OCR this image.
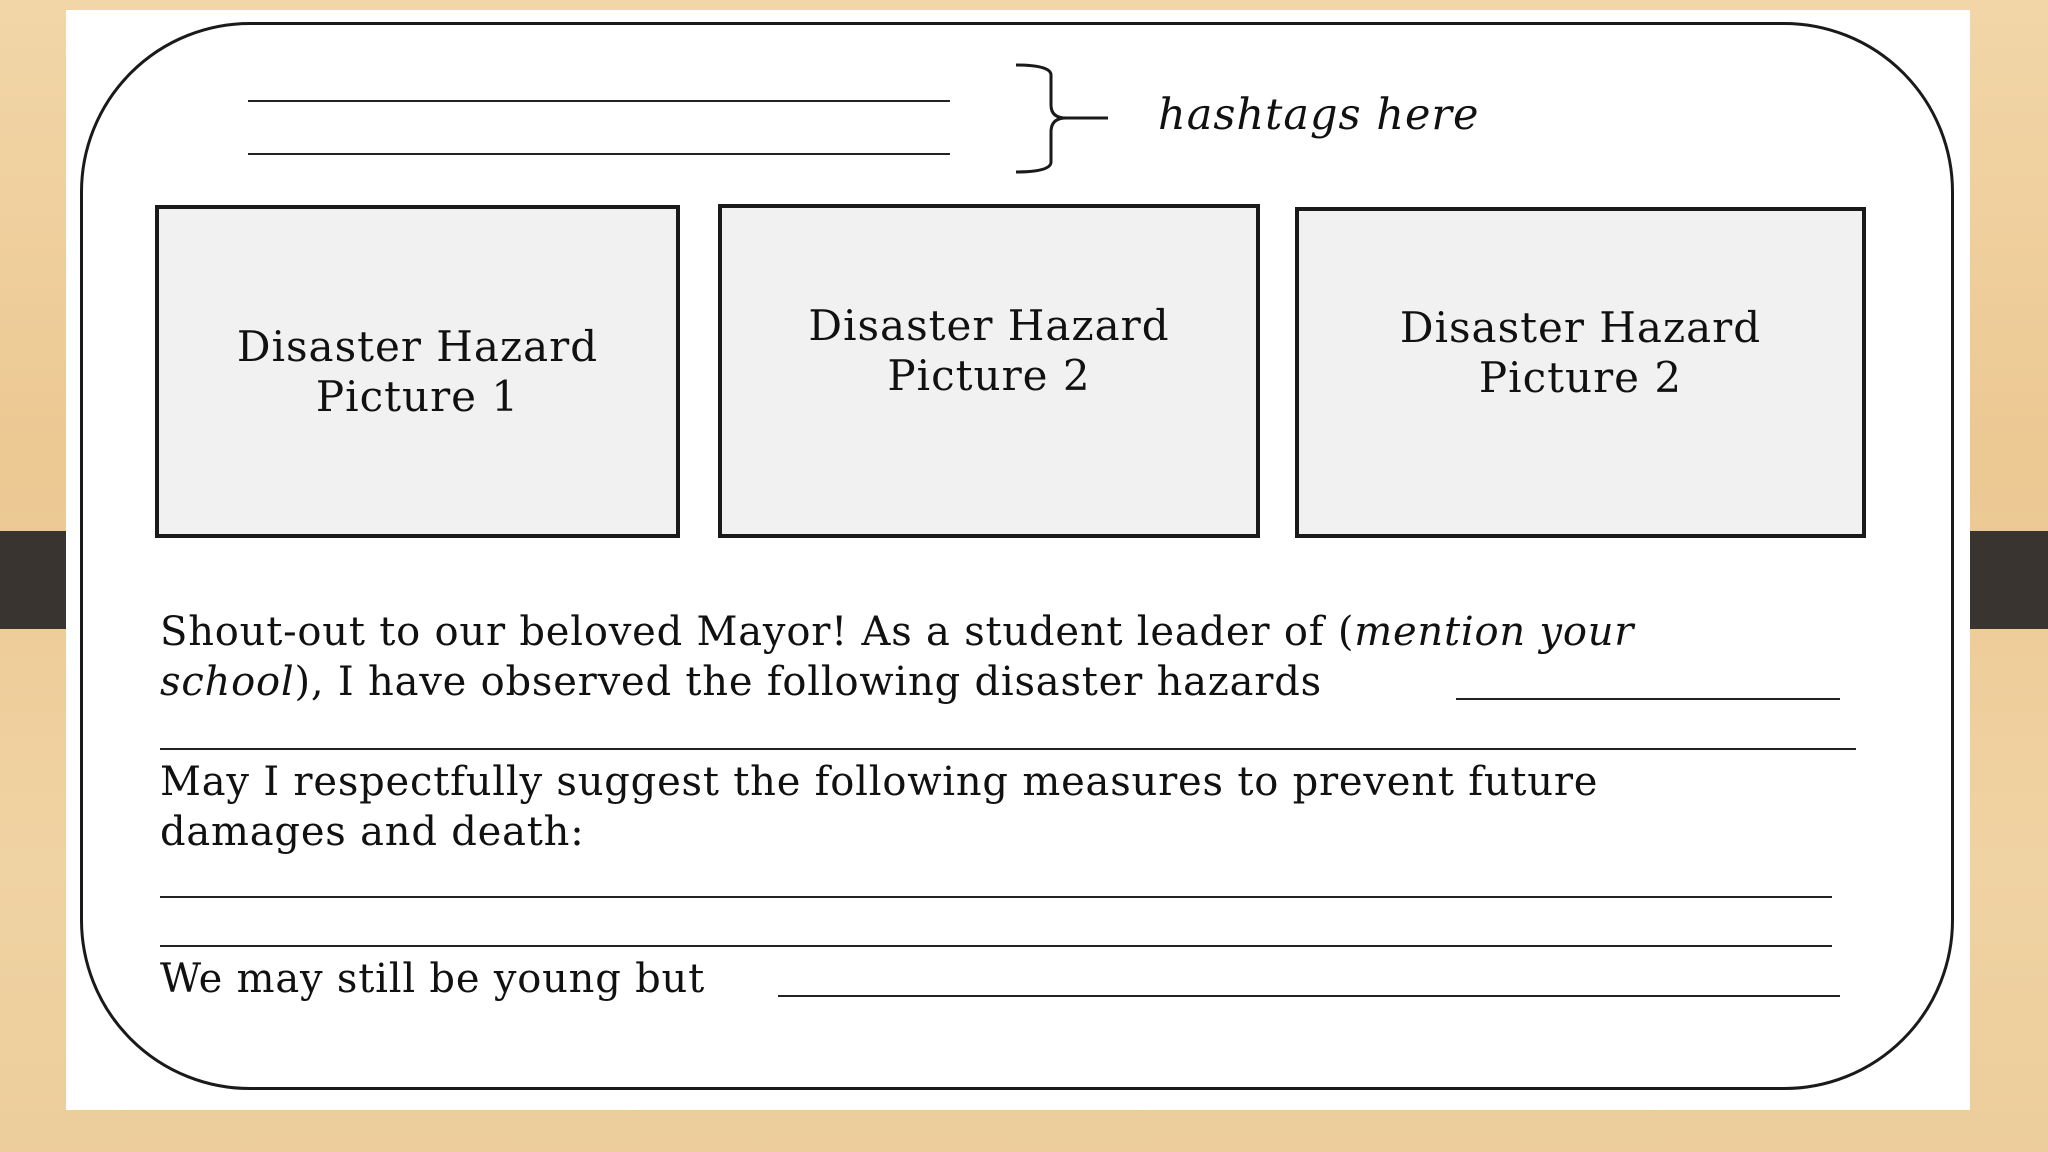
hashtags here
Disaster Hazard
Picture 1
Disaster Hazard
Picture 2
Disaster Hazard
Picture 2
Shout-out to our beloved Mayor! As a student leader of (mention your
school), I have observed the following disaster hazards
May I respectfully suggest the following measures to prevent future
damages and death:
We may still be young but
